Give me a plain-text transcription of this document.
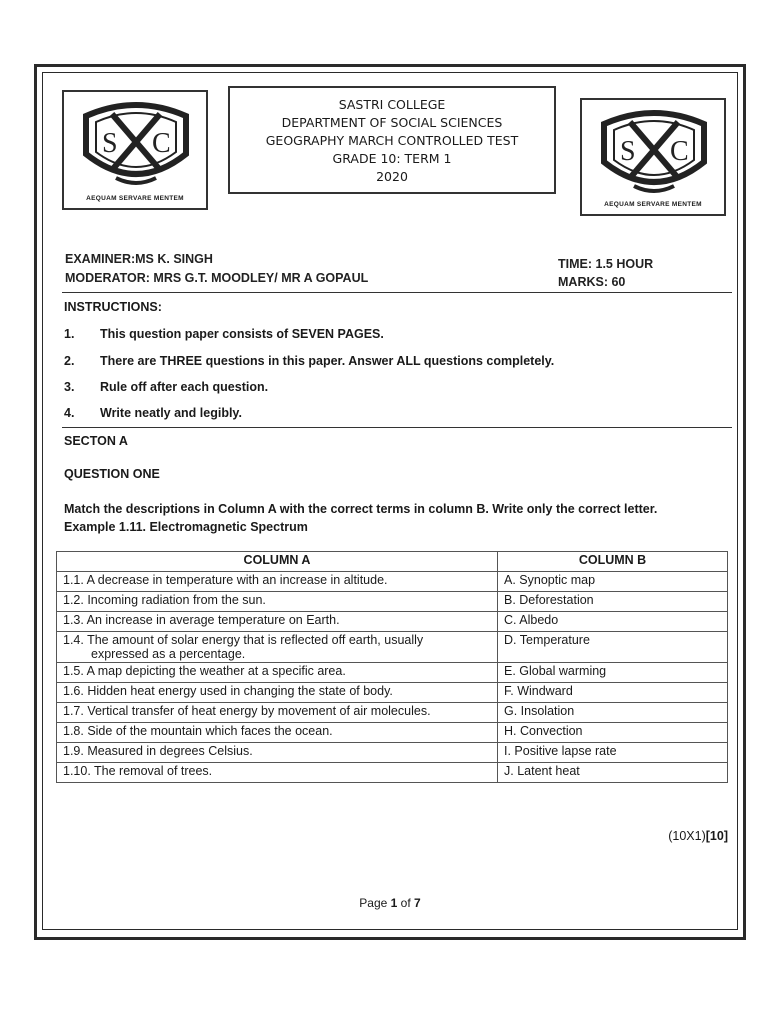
S C
AEQUAM SERVARE MENTEM
S C
AEQUAM SERVARE MENTEM
SASTRI COLLEGE
DEPARTMENT OF SOCIAL SCIENCES
GEOGRAPHY MARCH CONTROLLED TEST
GRADE 10: TERM 1
2020
EXAMINER:MS K. SINGH
MODERATOR: MRS G.T. MOODLEY/ MR A GOPAUL
TIME: 1.5 HOUR
MARKS: 60
INSTRUCTIONS:
1. This question paper consists of SEVEN PAGES.
2. There are THREE questions in this paper. Answer ALL questions completely.
3. Rule off after each question.
4. Write neatly and legibly.
SECTON A
QUESTION ONE
Match the descriptions in Column A with the correct terms in column B. Write only the correct letter.
Example 1.11. Electromagnetic Spectrum
COLUMN A	COLUMN B
1.1. A decrease in temperature with an increase in altitude.	A. Synoptic map
1.2. Incoming radiation from the sun.	B. Deforestation
1.3. An increase in average temperature on Earth.	C. Albedo
1.4. The amount of solar energy that is reflected off earth, usually
expressed as a percentage.	D. Temperature
1.5. A map depicting the weather at a specific area.	E. Global warming
1.6. Hidden heat energy used in changing the state of body.	F. Windward
1.7. Vertical transfer of heat energy by movement of air molecules.	G. Insolation
1.8. Side of the mountain which faces the ocean.	H. Convection
1.9. Measured in degrees Celsius.	I. Positive lapse rate
1.10. The removal of trees.	J. Latent heat
(10X1)[10]
Page 1 of 7
